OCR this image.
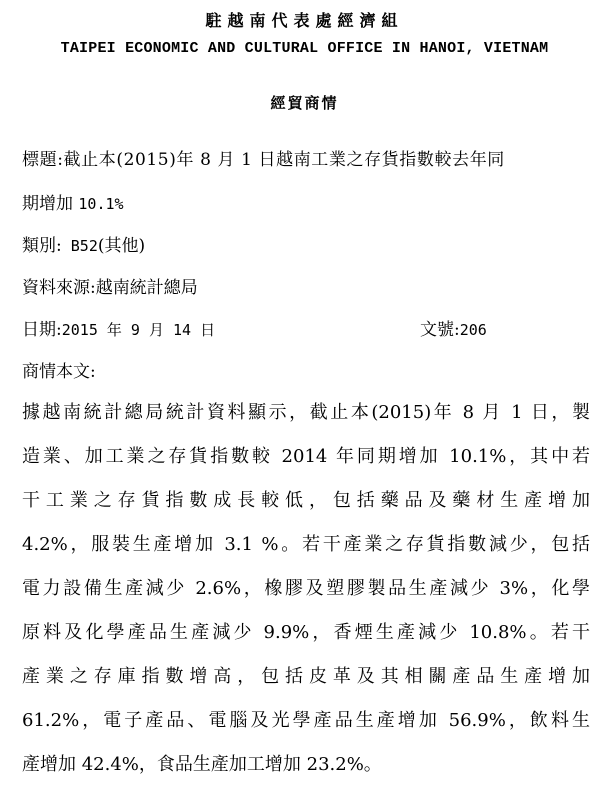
駐越南代表處經濟組
TAIPEI ECONOMIC AND CULTURAL OFFICE IN HANOI, VIETNAM
經貿商情
標題:截止本(2015)年 8 月 1 日越南工業之存貨指數較去年同
期增加 10.1%
類別: B52(其他)
資料來源:越南統計總局
日期:2015 年 9 月 14 日	文號:206
商情本文:
據越南統計總局統計資料顯示，截止本(2015)年 8 月 1 日，製
造業、加工業之存貨指數較 2014 年同期增加 10.1%，其中若
干工業之存貨指數成長較低，包括藥品及藥材生產增加
4.2%，服裝生產增加 3.1 %。若干產業之存貨指數減少，包括
電力設備生產減少 2.6%，橡膠及塑膠製品生產減少 3%，化學
原料及化學產品生產減少 9.9%，香煙生產減少 10.8%。若干
產業之存庫指數增高，包括皮革及其相關產品生產增加
61.2%，電子產品、電腦及光學產品生產增加 56.9%，飲料生
產增加 42.4%，食品生產加工增加 23.2%。
